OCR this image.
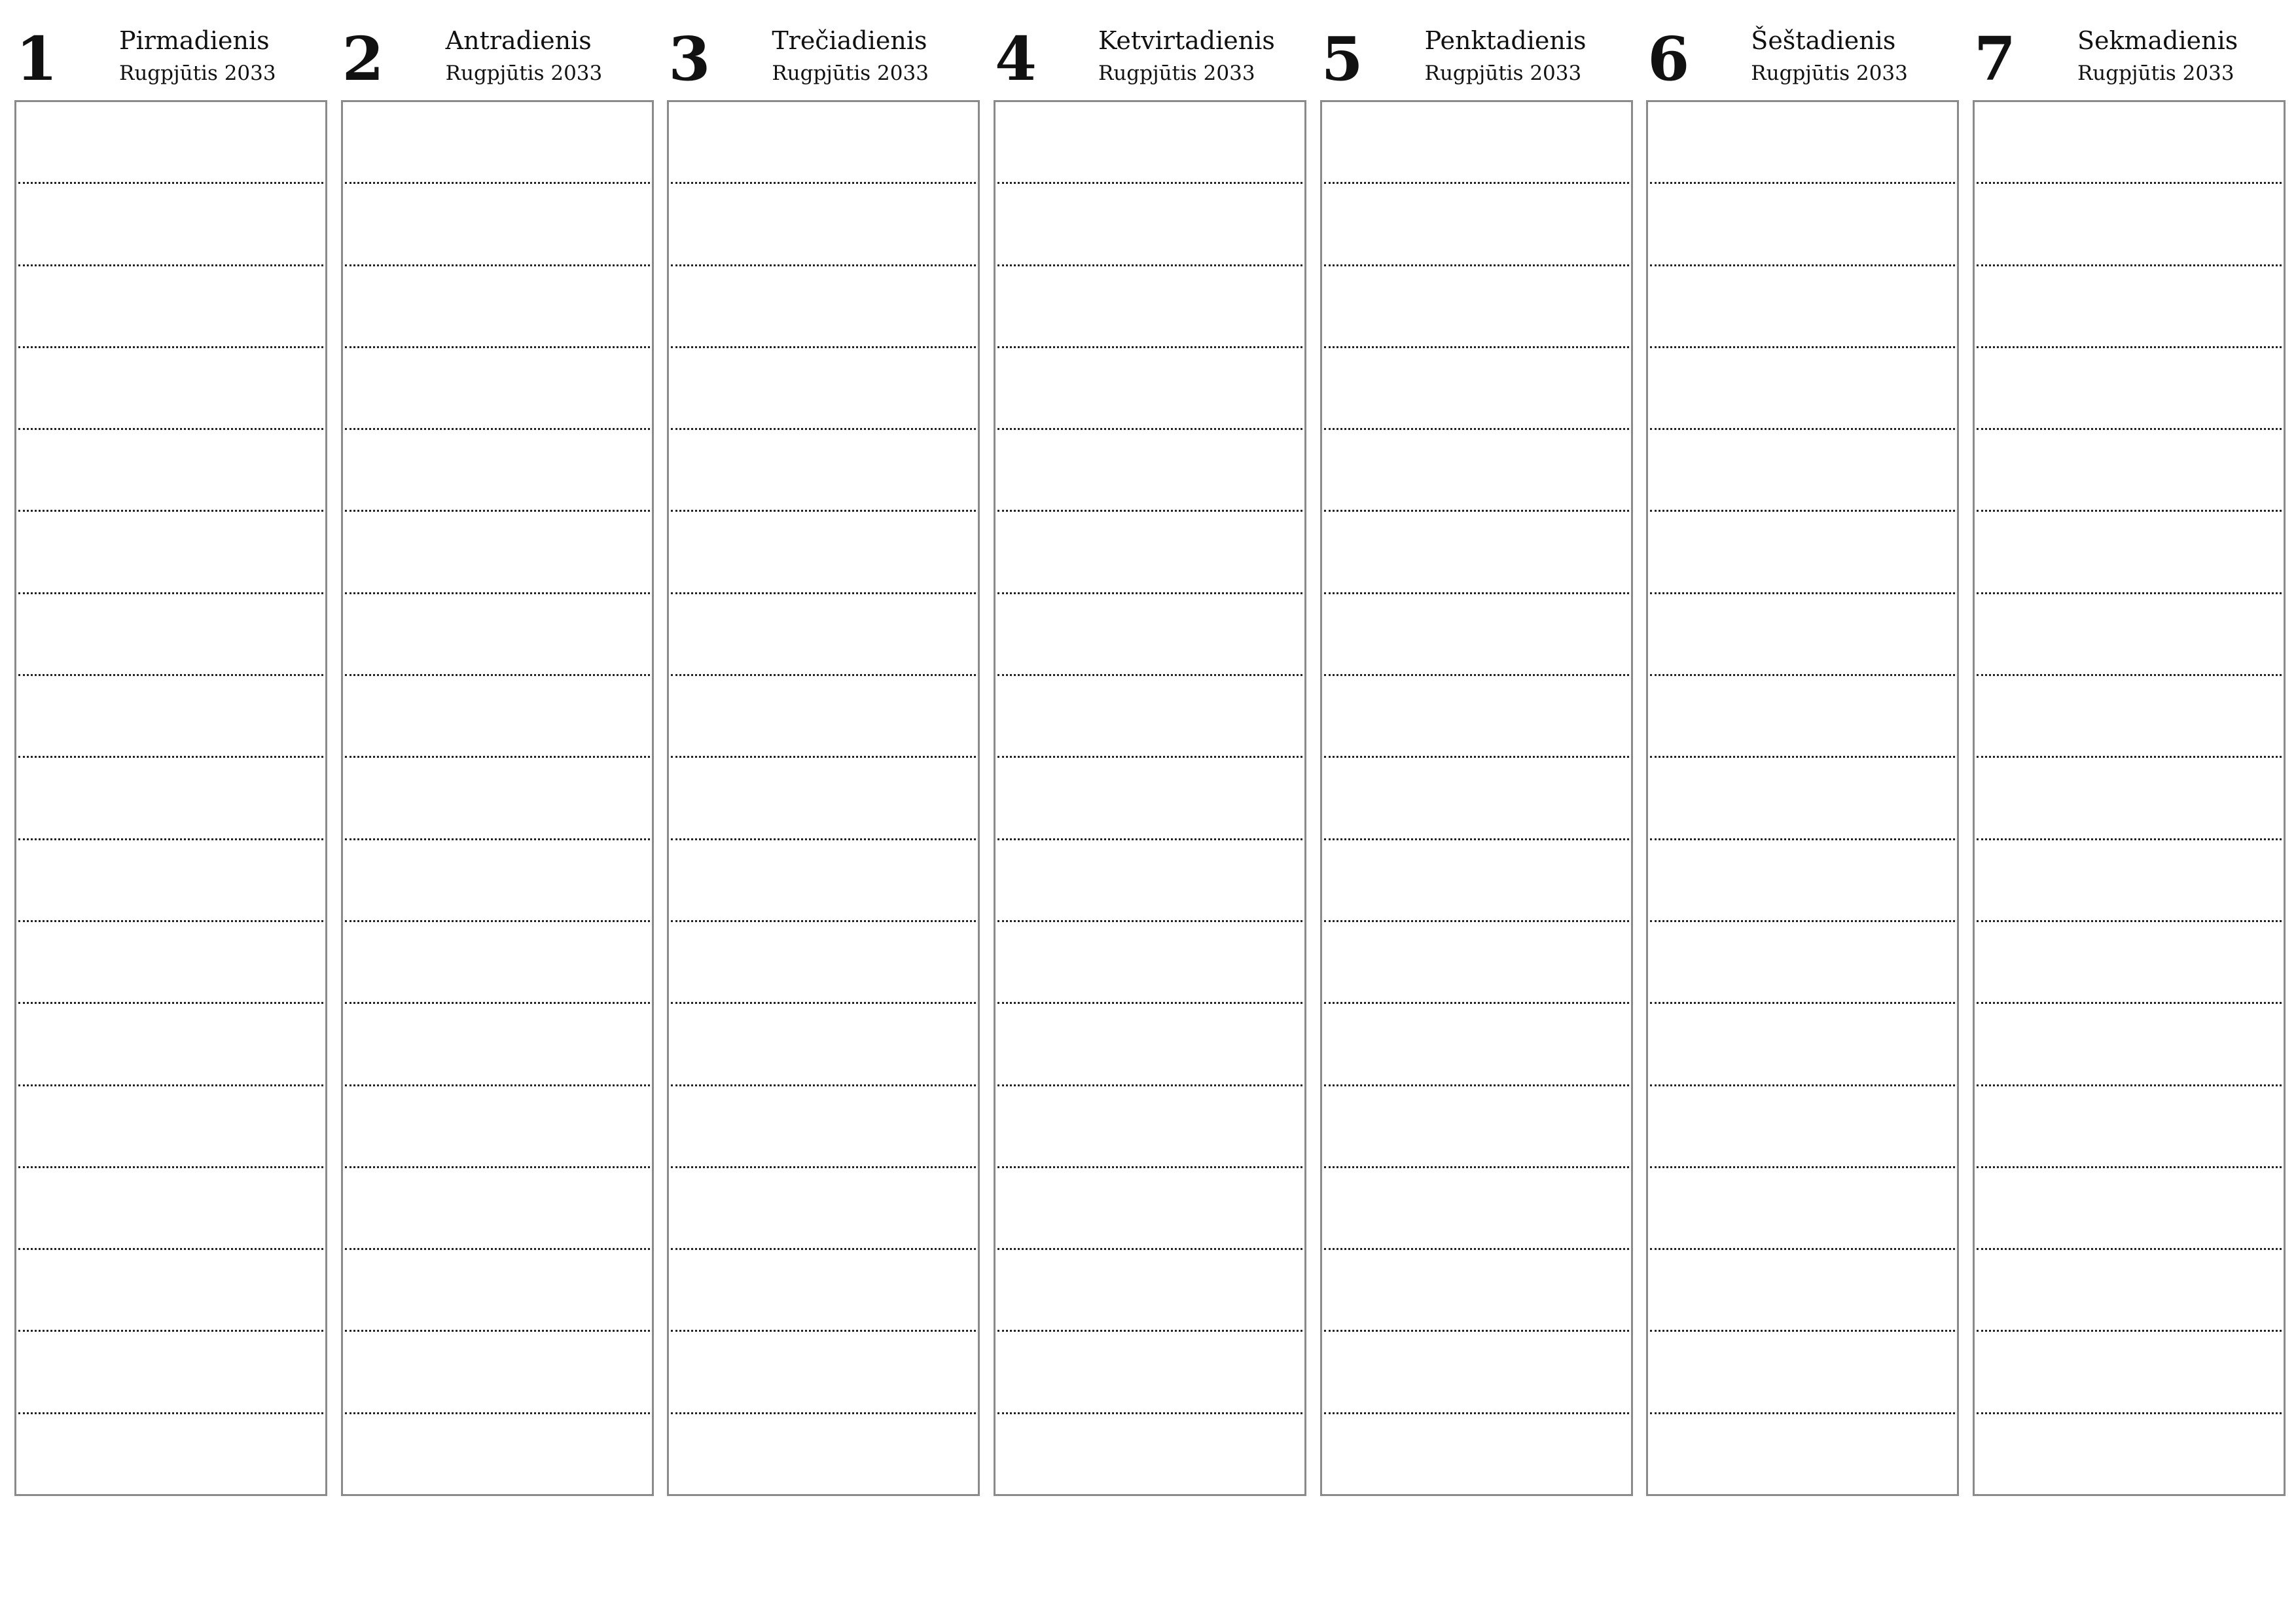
1 Pirmadienis
Rugpjūtis 2033 2 Antradienis
Rugpjūtis 2033 3 Trečiadienis
Rugpjūtis 2033 4 Ketvirtadienis
Rugpjūtis 2033 5 Penktadienis
Rugpjūtis 2033 6 Šeštadienis
Rugpjūtis 2033 7 Sekmadienis
Rugpjūtis 2033
